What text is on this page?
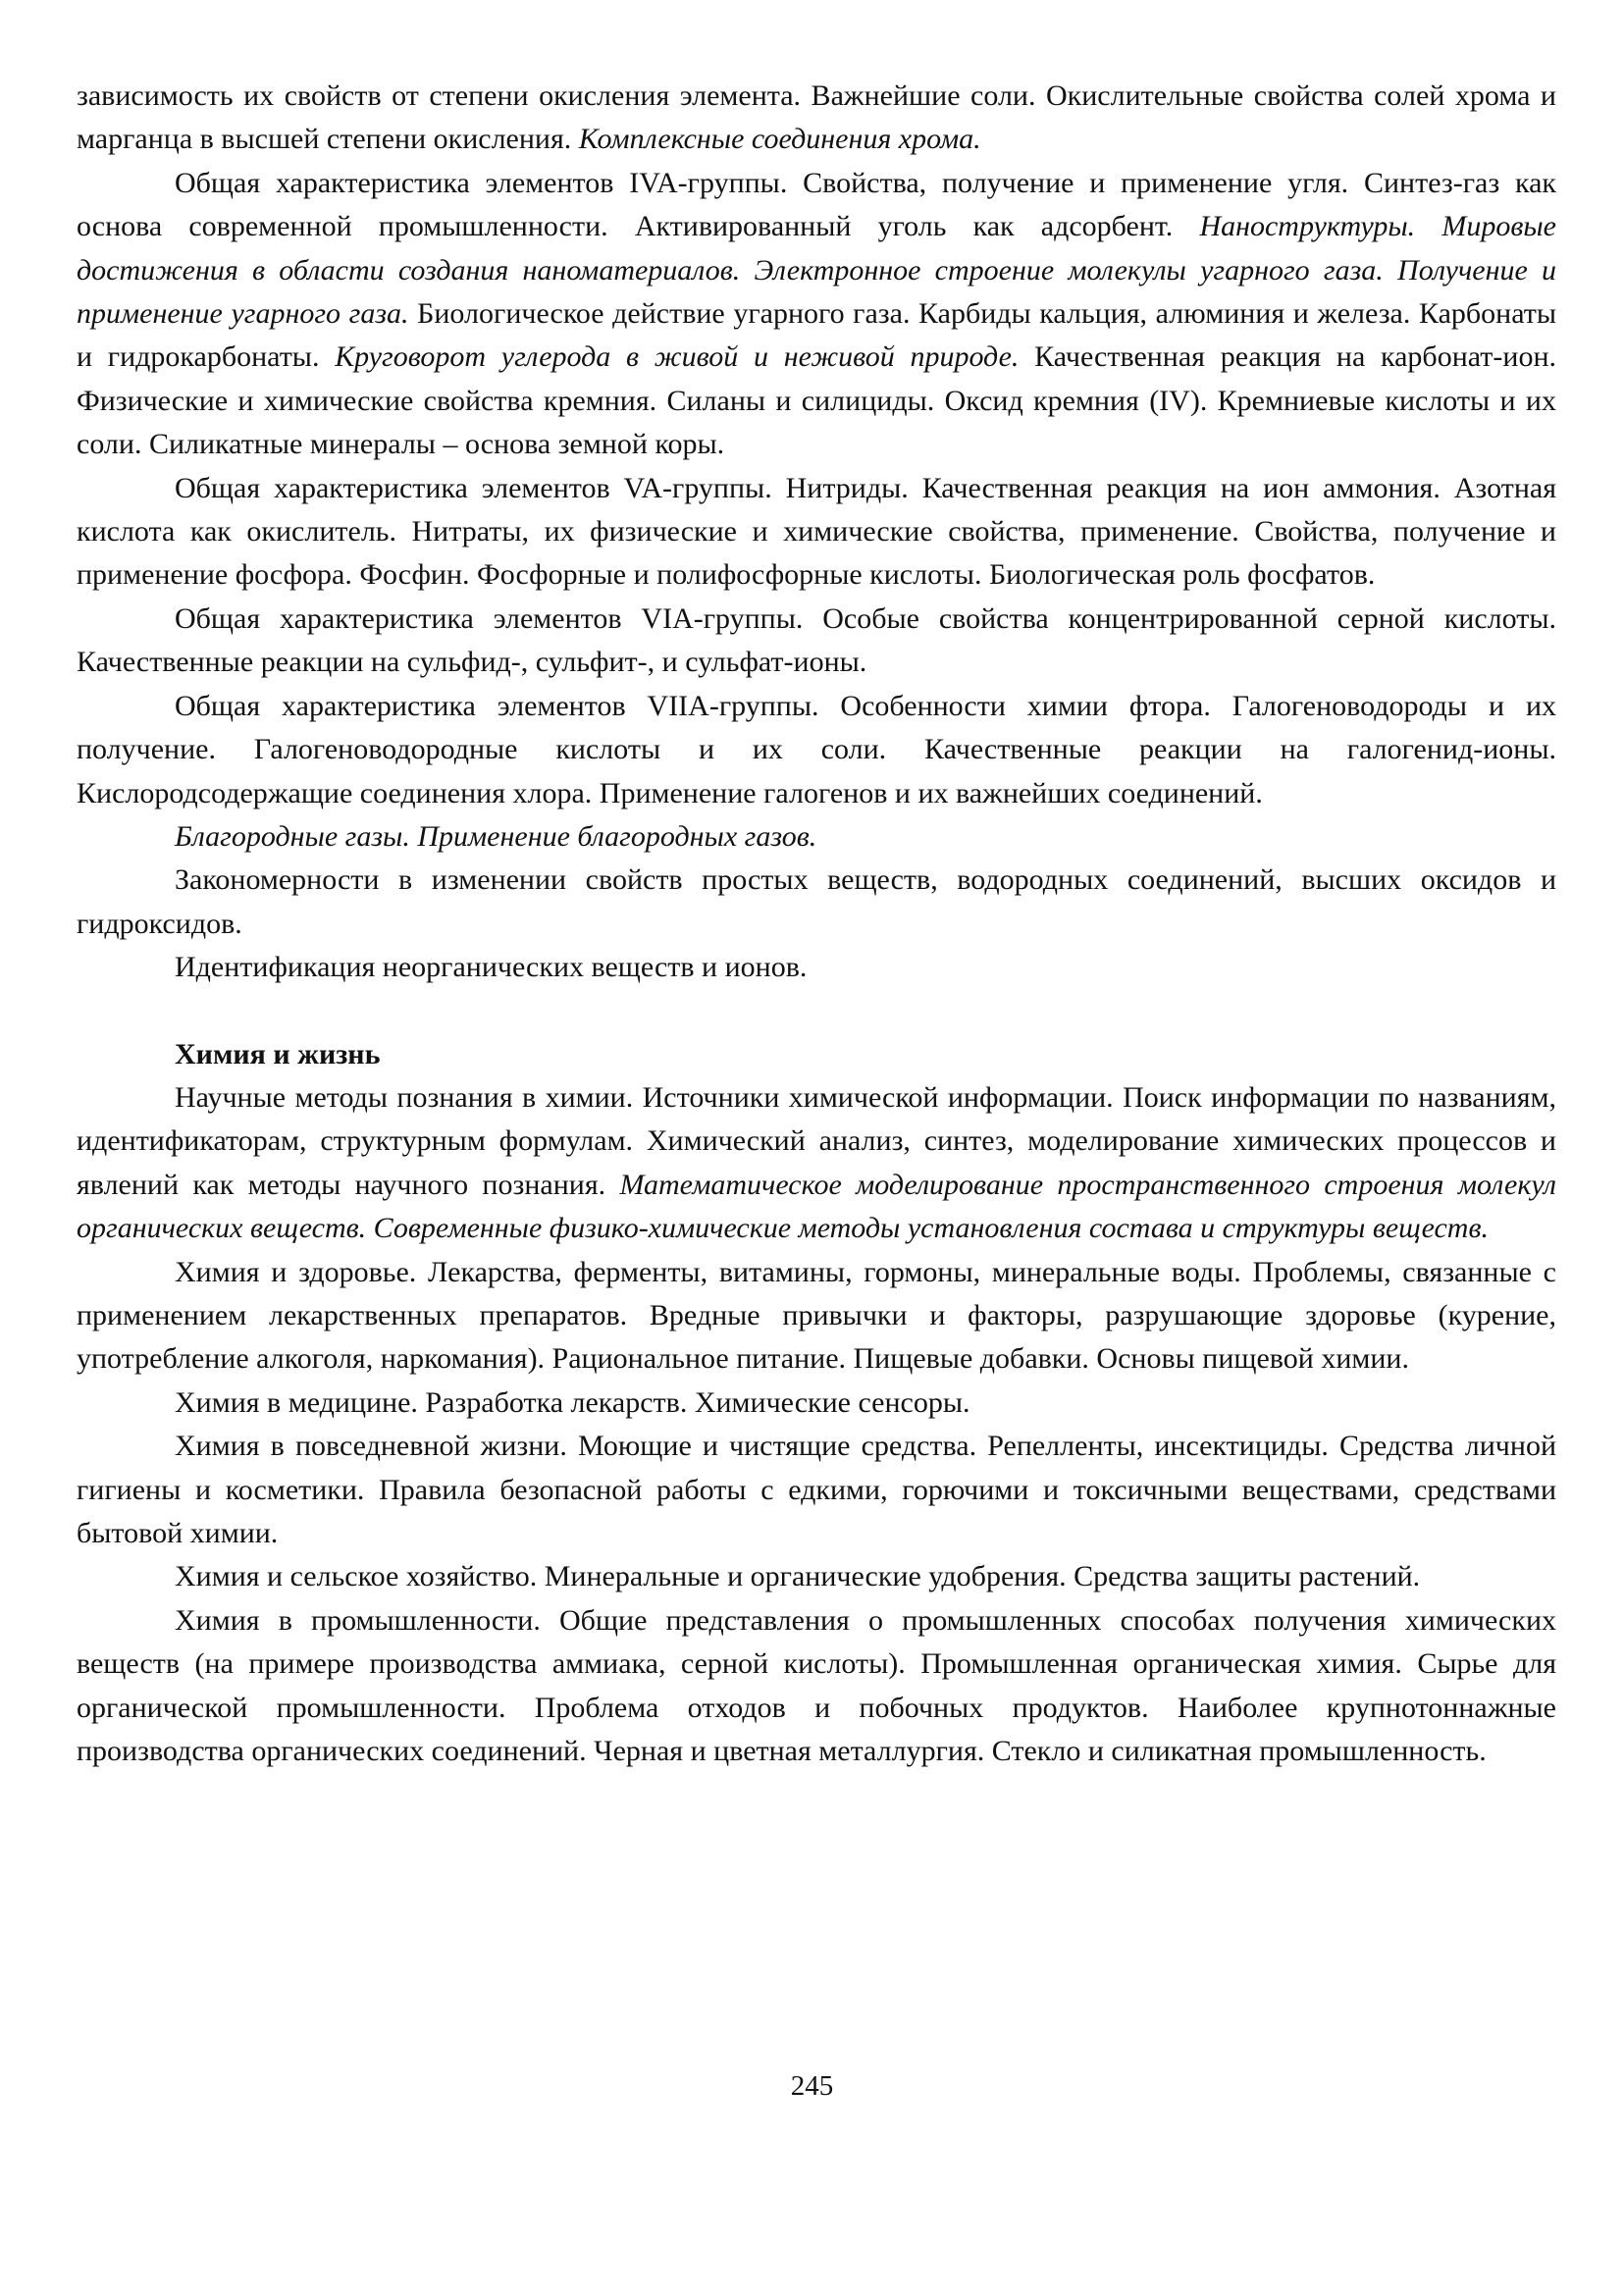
зависимость их свойств от степени окисления элемента. Важнейшие соли. Окислительные свойства солей хрома и марганца в высшей степени окисления. Комплексные соединения хрома.

Общая характеристика элементов IVA-группы. Свойства, получение и применение угля. Синтез-газ как основа современной промышленности. Активированный уголь как адсорбент. Наноструктуры. Мировые достижения в области создания наноматериалов. Электронное строение молекулы угарного газа. Получение и применение угарного газа. Биологическое действие угарного газа. Карбиды кальция, алюминия и железа. Карбонаты и гидрокарбонаты. Круговорот углерода в живой и неживой природе. Качественная реакция на карбонат-ион. Физические и химические свойства кремния. Силаны и силициды. Оксид кремния (IV). Кремниевые кислоты и их соли. Силикатные минералы – основа земной коры.

Общая характеристика элементов VA-группы. Нитриды. Качественная реакция на ион аммония. Азотная кислота как окислитель. Нитраты, их физические и химические свойства, применение. Свойства, получение и применение фосфора. Фосфин. Фосфорные и полифосфорные кислоты. Биологическая роль фосфатов.

Общая характеристика элементов VIA-группы. Особые свойства концентрированной серной кислоты. Качественные реакции на сульфид-, сульфит-, и сульфат-ионы.

Общая характеристика элементов VIIA-группы. Особенности химии фтора. Галогеноводороды и их получение. Галогеноводородные кислоты и их соли. Качественные реакции на галогенид-ионы. Кислородсодержащие соединения хлора. Применение галогенов и их важнейших соединений.

Благородные газы. Применение благородных газов.

Закономерности в изменении свойств простых веществ, водородных соединений, высших оксидов и гидроксидов.

Идентификация неорганических веществ и ионов.

Химия и жизнь

Научные методы познания в химии. Источники химической информации. Поиск информации по названиям, идентификаторам, структурным формулам. Химический анализ, синтез, моделирование химических процессов и явлений как методы научного познания. Математическое моделирование пространственного строения молекул органических веществ. Современные физико-химические методы установления состава и структуры веществ.

Химия и здоровье. Лекарства, ферменты, витамины, гормоны, минеральные воды. Проблемы, связанные с применением лекарственных препаратов. Вредные привычки и факторы, разрушающие здоровье (курение, употребление алкоголя, наркомания). Рациональное питание. Пищевые добавки. Основы пищевой химии.

Химия в медицине. Разработка лекарств. Химические сенсоры.

Химия в повседневной жизни. Моющие и чистящие средства. Репелленты, инсектициды. Средства личной гигиены и косметики. Правила безопасной работы с едкими, горючими и токсичными веществами, средствами бытовой химии.

Химия и сельское хозяйство. Минеральные и органические удобрения. Средства защиты растений.

Химия в промышленности. Общие представления о промышленных способах получения химических веществ (на примере производства аммиака, серной кислоты). Промышленная органическая химия. Сырье для органической промышленности. Проблема отходов и побочных продуктов. Наиболее крупнотоннажные производства органических соединений. Черная и цветная металлургия. Стекло и силикатная промышленность.

245
